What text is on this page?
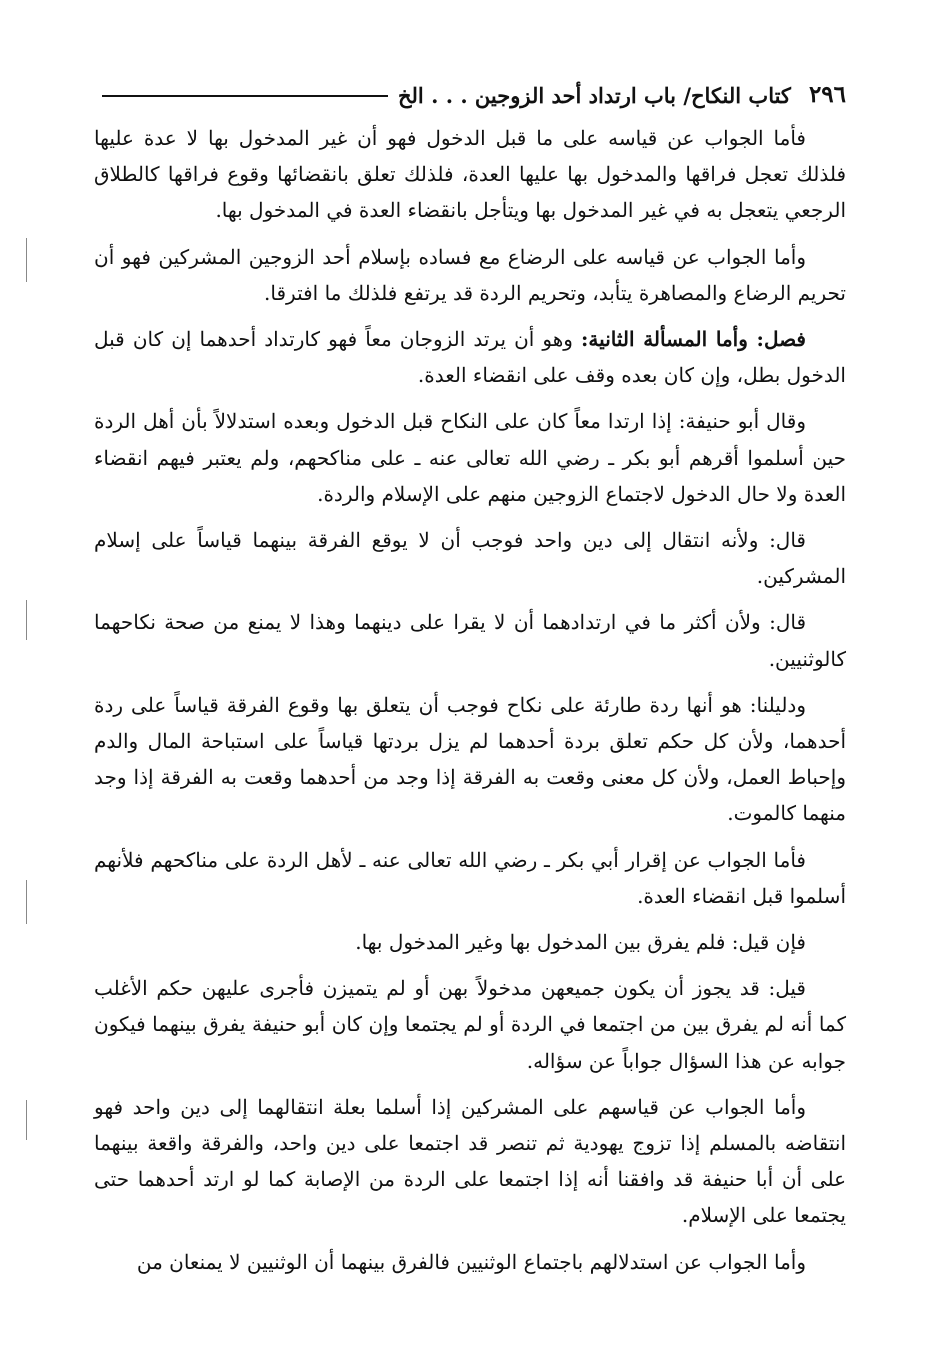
٢٩٦
كتاب النكاح/ باب ارتداد أحد الزوجين . . . الخ

فأما الجواب عن قياسه على ما قبل الدخول فهو أن غير المدخول بها لا عدة عليها فلذلك تعجل فراقها والمدخول بها عليها العدة، فلذلك تعلق بانقضائها وقوع فراقها كالطلاق الرجعي يتعجل به في غير المدخول بها ويتأجل بانقضاء العدة في المدخول بها.

وأما الجواب عن قياسه على الرضاع مع فساده بإسلام أحد الزوجين المشركين فهو أن تحريم الرضاع والمصاهرة يتأبد، وتحريم الردة قد يرتفع فلذلك ما افترقا.

فصل: وأما المسألة الثانية: وهو أن يرتد الزوجان معاً فهو كارتداد أحدهما إن كان قبل الدخول بطل، وإن كان بعده وقف على انقضاء العدة.

وقال أبو حنيفة: إذا ارتدا معاً كان على النكاح قبل الدخول وبعده استدلالاً بأن أهل الردة حين أسلموا أقرهم أبو بكر ـ رضي الله تعالى عنه ـ على مناكحهم، ولم يعتبر فيهم انقضاء العدة ولا حال الدخول لاجتماع الزوجين منهم على الإسلام والردة.

قال: ولأنه انتقال إلى دين واحد فوجب أن لا يوقع الفرقة بينهما قياساً على إسلام المشركين.

قال: ولأن أكثر ما في ارتدادهما أن لا يقرا على دينهما وهذا لا يمنع من صحة نكاحهما كالوثنيين.

ودليلنا: هو أنها ردة طارئة على نكاح فوجب أن يتعلق بها وقوع الفرقة قياساً على ردة أحدهما، ولأن كل حكم تعلق بردة أحدهما لم يزل بردتها قياساً على استباحة المال والدم وإحباط العمل، ولأن كل معنى وقعت به الفرقة إذا وجد من أحدهما وقعت به الفرقة إذا وجد منهما كالموت.

فأما الجواب عن إقرار أبي بكر ـ رضي الله تعالى عنه ـ لأهل الردة على مناكحهم فلأنهم أسلموا قبل انقضاء العدة.

فإن قيل: فلم يفرق بين المدخول بها وغير المدخول بها.

قيل: قد يجوز أن يكون جميعهن مدخولاً بهن أو لم يتميزن فأجرى عليهن حكم الأغلب كما أنه لم يفرق بين من اجتمعا في الردة أو لم يجتمعا وإن كان أبو حنيفة يفرق بينهما فيكون جوابه عن هذا السؤال جواباً عن سؤاله.

وأما الجواب عن قياسهم على المشركين إذا أسلما بعلة انتقالهما إلى دين واحد فهو انتقاضه بالمسلم إذا تزوج يهودية ثم تنصر قد اجتمعا على دين واحد، والفرقة واقعة بينهما على أن أبا حنيفة قد وافقنا أنه إذا اجتمعا على الردة من الإصابة كما لو ارتد أحدهما حتى يجتمعا على الإسلام.

وأما الجواب عن استدلالهم باجتماع الوثنيين فالفرق بينهما أن الوثنيين لا يمنعان من
